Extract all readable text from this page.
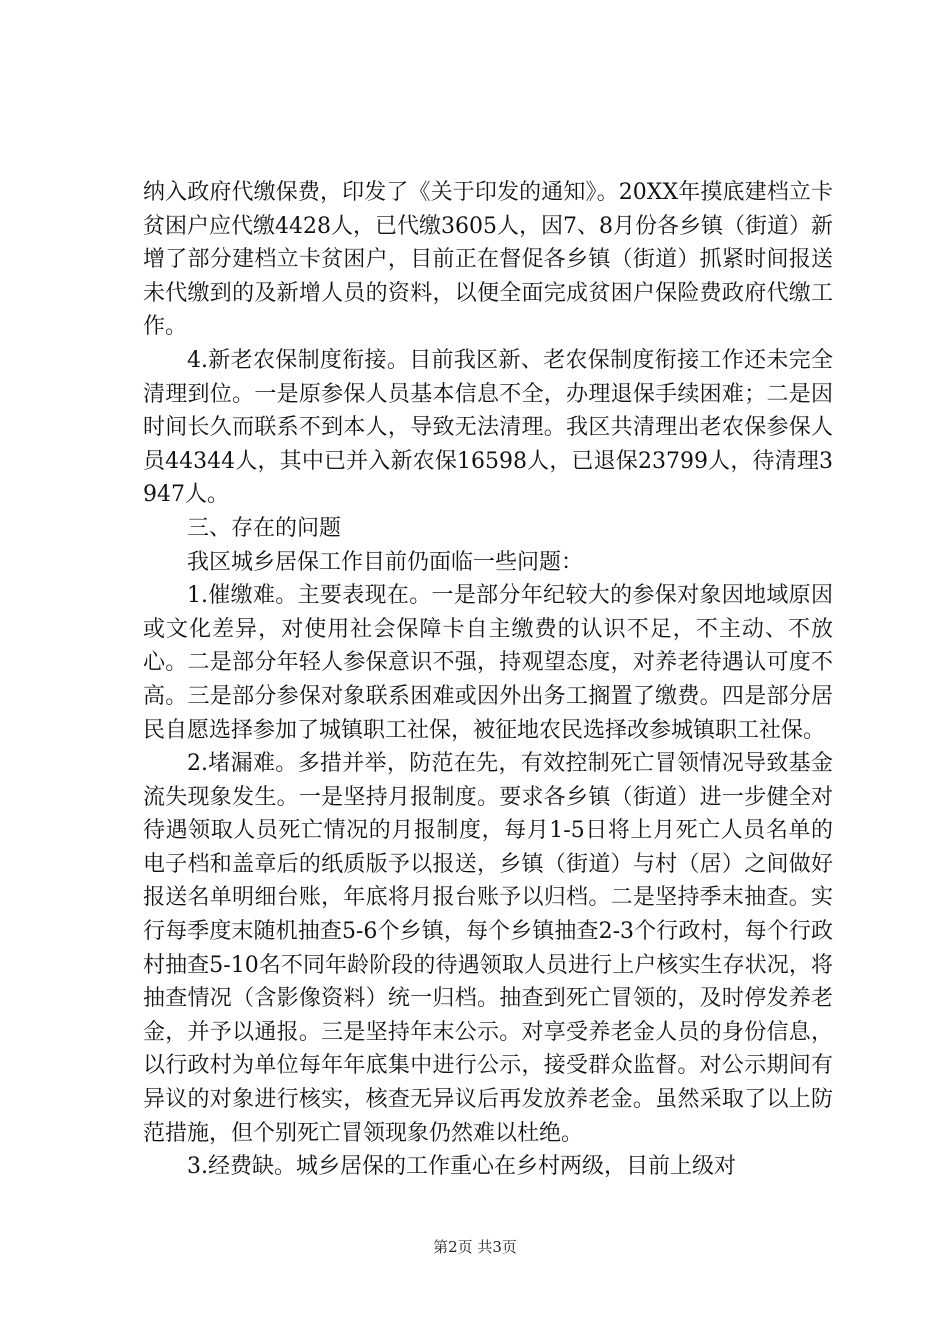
纳入政府代缴保费，印发了《关于印发的通知》。20XX年摸底建档立卡贫困户应代缴4428人，已代缴3605人，因7、8月份各乡镇（街道）新增了部分建档立卡贫困户，目前正在督促各乡镇（街道）抓紧时间报送未代缴到的及新增人员的资料，以便全面完成贫困户保险费政府代缴工作。

4.新老农保制度衔接。目前我区新、老农保制度衔接工作还未完全清理到位。一是原参保人员基本信息不全，办理退保手续困难；二是因时间长久而联系不到本人，导致无法清理。我区共清理出老农保参保人员44344人，其中已并入新农保16598人，已退保23799人，待清理3947人。

三、存在的问题

我区城乡居保工作目前仍面临一些问题：

1.催缴难。主要表现在。一是部分年纪较大的参保对象因地域原因或文化差异，对使用社会保障卡自主缴费的认识不足，不主动、不放心。二是部分年轻人参保意识不强，持观望态度，对养老待遇认可度不高。三是部分参保对象联系困难或因外出务工搁置了缴费。四是部分居民自愿选择参加了城镇职工社保，被征地农民选择改参城镇职工社保。

2.堵漏难。多措并举，防范在先，有效控制死亡冒领情况导致基金流失现象发生。一是坚持月报制度。要求各乡镇（街道）进一步健全对待遇领取人员死亡情况的月报制度，每月1-5日将上月死亡人员名单的电子档和盖章后的纸质版予以报送，乡镇（街道）与村（居）之间做好报送名单明细台账，年底将月报台账予以归档。二是坚持季末抽查。实行每季度末随机抽查5-6个乡镇，每个乡镇抽查2-3个行政村，每个行政村抽查5-10名不同年龄阶段的待遇领取人员进行上户核实生存状况，将抽查情况（含影像资料）统一归档。抽查到死亡冒领的，及时停发养老金，并予以通报。三是坚持年末公示。对享受养老金人员的身份信息，以行政村为单位每年年底集中进行公示，接受群众监督。对公示期间有异议的对象进行核实，核查无异议后再发放养老金。虽然采取了以上防范措施，但个别死亡冒领现象仍然难以杜绝。

3.经费缺。城乡居保的工作重心在乡村两级，目前上级对

第2页 共3页
